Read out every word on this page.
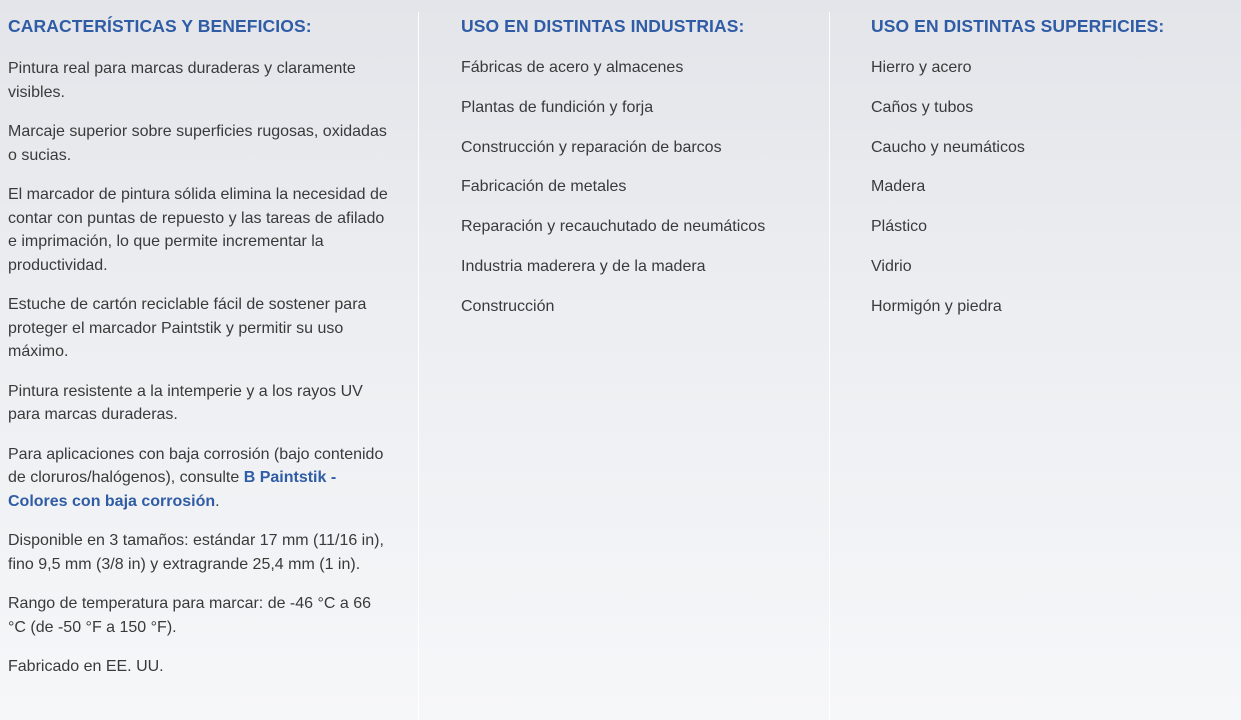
CARACTERÍSTICAS Y BENEFICIOS:

Pintura real para marcas duraderas y claramente visibles.

Marcaje superior sobre superficies rugosas, oxidadas o sucias.

El marcador de pintura sólida elimina la necesidad de contar con puntas de repuesto y las tareas de afilado e imprimación, lo que permite incrementar la productividad.

Estuche de cartón reciclable fácil de sostener para proteger el marcador Paintstik y permitir su uso máximo.

Pintura resistente a la intemperie y a los rayos UV para marcas duraderas.

Para aplicaciones con baja corrosión (bajo contenido de cloruros/halógenos), consulte B Paintstik - Colores con baja corrosión.

Disponible en 3 tamaños: estándar 17 mm (11/16 in), fino 9,5 mm (3/8 in) y extragrande 25,4 mm (1 in).

Rango de temperatura para marcar: de -46 °C a 66 °C (de -50 °F a 150 °F).

Fabricado en EE. UU.

USO EN DISTINTAS INDUSTRIAS:
Fábricas de acero y almacenes
Plantas de fundición y forja
Construcción y reparación de barcos
Fabricación de metales
Reparación y recauchutado de neumáticos
Industria maderera y de la madera
Construcción
USO EN DISTINTAS SUPERFICIES:
Hierro y acero
Caños y tubos
Caucho y neumáticos
Madera
Plástico
Vidrio
Hormigón y piedra
